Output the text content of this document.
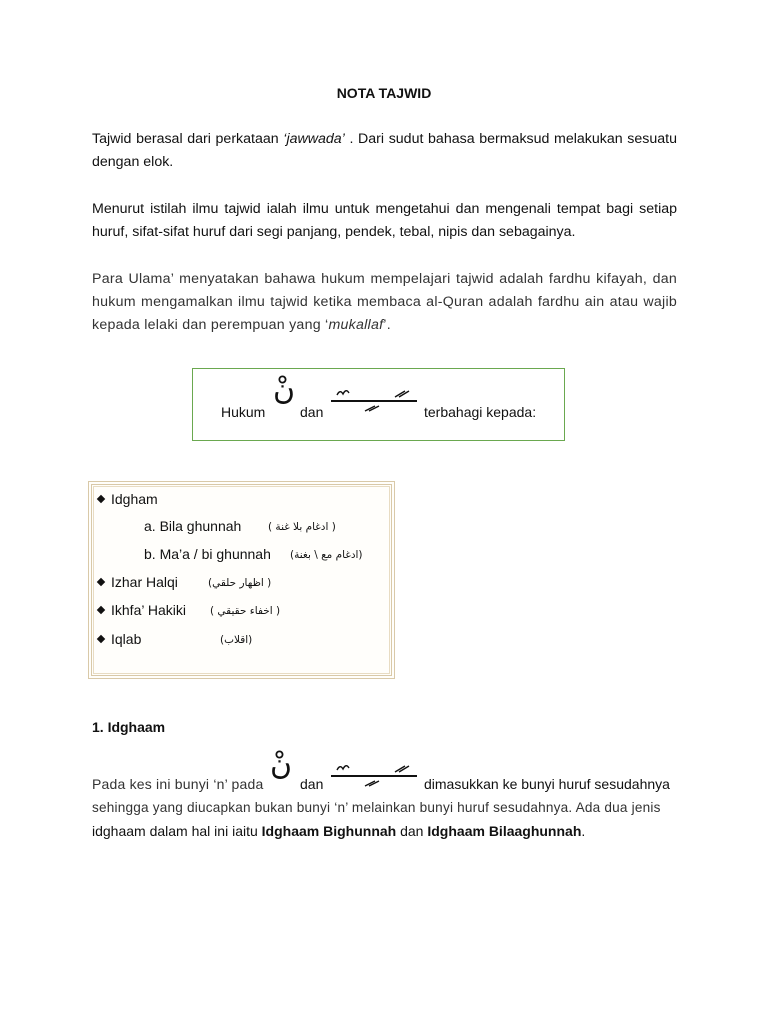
NOTA TAJWID

Tajwid berasal dari perkataan ‘jawwada’ . Dari sudut bahasa bermaksud melakukan sesuatu dengan elok.

Menurut istilah ilmu tajwid ialah ilmu untuk mengetahui dan mengenali tempat bagi setiap huruf, sifat-sifat huruf dari segi panjang, pendek, tebal, nipis dan sebagainya.

Para Ulama’ menyatakan bahawa hukum mempelajari tajwid adalah fardhu kifayah, dan hukum mengamalkan ilmu tajwid ketika membaca al-Quran adalah fardhu ain atau wajib kepada lelaki dan perempuan yang ‘mukallaf’.

Hukum
نْ
dan	terbahagi kepada:
Idgham
a. Bila ghunnah	( ادغام بلا غنة )
b. Ma’a / bi ghunnah (ادغام مع \ بغنة)
Izhar Halqi	( اظهار حلقي)
Ikhfa’ Hakiki ( اخفاء حقيقي )
Iqlab	(اقلاب)
1. Idghaam
Pada kes ini bunyi ‘n’ pada
نْ
dan	dimasukkan ke bunyi huruf sesudahnya
sehingga yang diucapkan bukan bunyi ‘n’ melainkan bunyi huruf sesudahnya. Ada dua jenis
idghaam dalam hal ini iaitu Idghaam Bighunnah dan Idghaam Bilaaghunnah.
